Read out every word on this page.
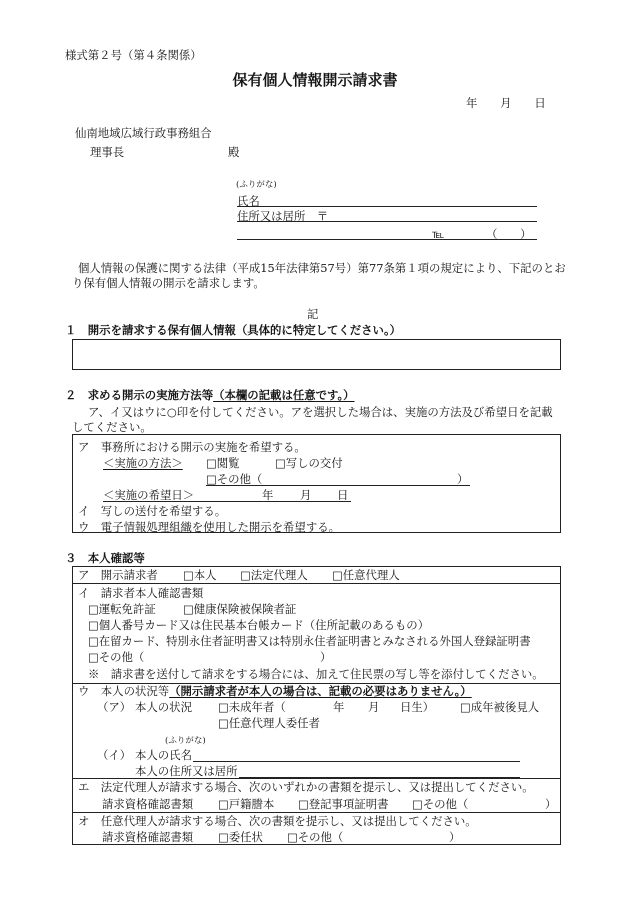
様式第２号（第４条関係）
保有個人情報開示請求書
年　　月　　日
仙南地域広域行政事務組合
理事長	殿
(ふりがな)
氏名
住所又は居所　〒
℡	（　　）
個人情報の保護に関する法律（平成15年法律第57号）第77条第１項の規定により、下記のとお
り保有個人情報の開示を請求します。
記
１　開示を請求する保有個人情報（具体的に特定してください。）
２　求める開示の実施方法等（本欄の記載は任意です。）
ア、イ又はウに○印を付してください。アを選択した場合は、実施の方法及び希望日を記載
してください。
ア　事務所における開示の実施を希望する。
＜実施の方法＞ □閲覧	□写しの交付
□その他（	）
＜実施の希望日＞	年 月 日
イ　写しの送付を希望する。
ウ　電子情報処理組織を使用した開示を希望する。
３　本人確認等
ア　開示請求者 □本人 □法定代理人 □任意代理人
イ　請求者本人確認書類
□運転免許証 □健康保険被保険者証
□個人番号カード又は住民基本台帳カード（住所記載のあるもの）
□在留カード、特別永住者証明書又は特別永住者証明書とみなされる外国人登録証明書
□その他（	）
※　請求書を送付して請求をする場合には、加えて住民票の写し等を添付してください。
ウ　本人の状況等（開示請求者が本人の場合は、記載の必要はありません。）
（ア） 本人の状況 □未成年者（	年 月 日生） □成年被後見人
□任意代理人委任者
(ふりがな)
（イ） 本人の氏名
本人の住所又は居所
エ　法定代理人が請求する場合、次のいずれかの書類を提示し、又は提出してください。
請求資格確認書類 □戸籍謄本 □登記事項証明書 □その他（	）
オ　任意代理人が請求する場合、次の書類を提示し、又は提出してください。
請求資格確認書類 □委任状 □その他（	）
